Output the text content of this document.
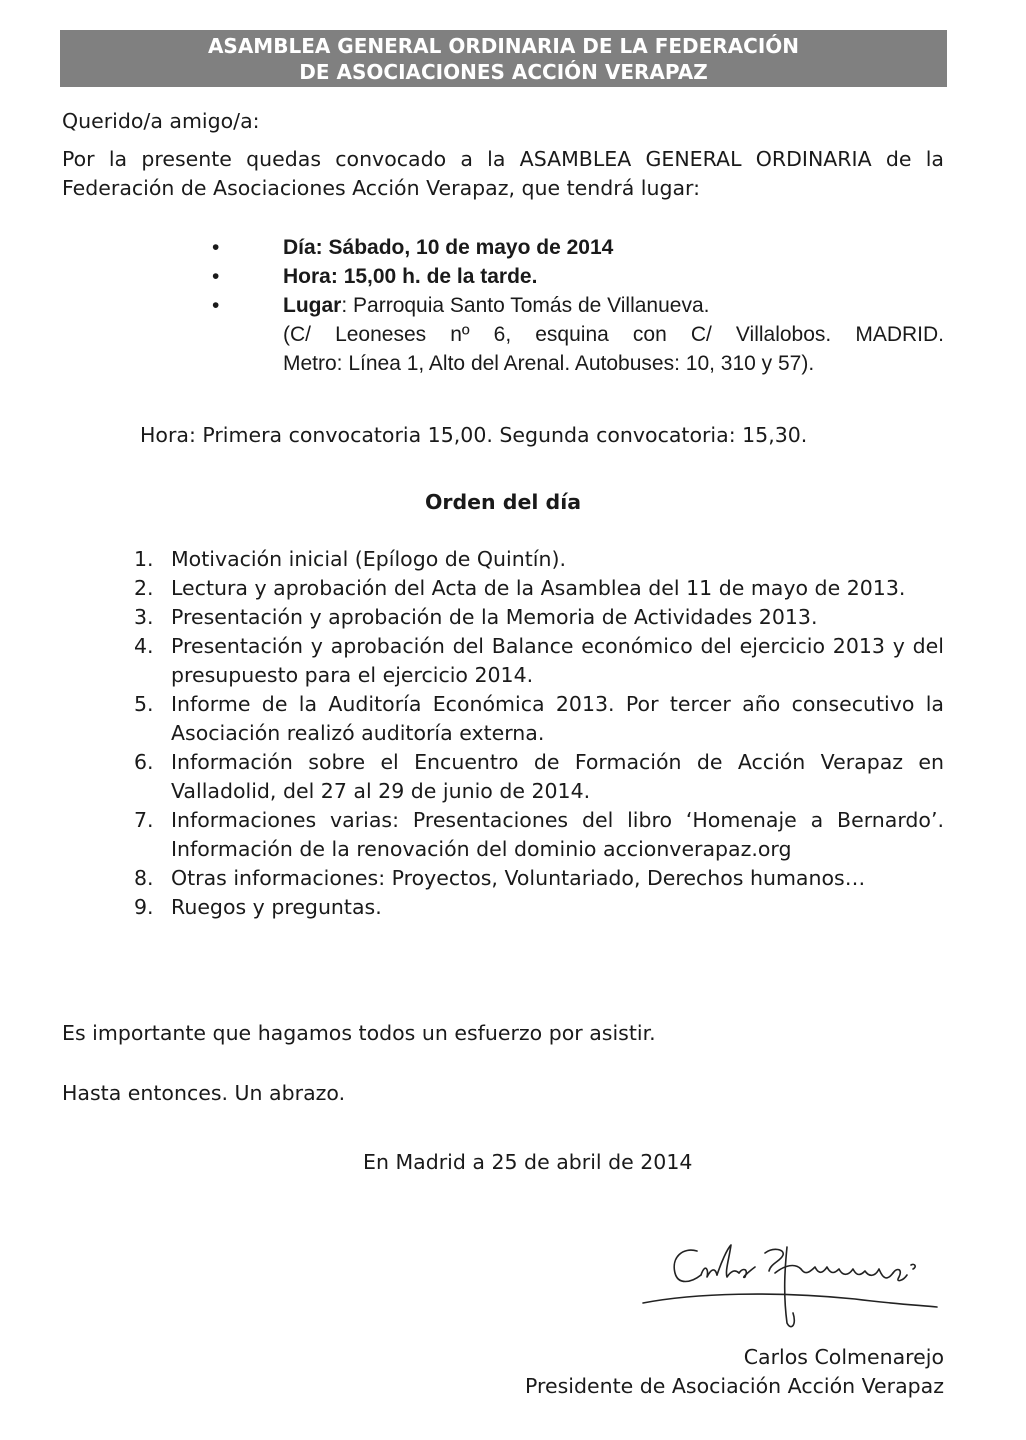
ASAMBLEA GENERAL ORDINARIA DE LA FEDERACIÓN
DE ASOCIACIONES ACCIÓN VERAPAZ
Querido/a amigo/a:
Por la presente quedas convocado a la ASAMBLEA GENERAL ORDINARIA de la Federación de Asociaciones Acción Verapaz, que tendrá lugar:
•	Día: Sábado, 10 de mayo de 2014
•	Hora: 15,00 h. de la tarde.
•	Lugar: Parroquia Santo Tomás de Villanueva.
(C/ Leoneses nº 6, esquina con C/ Villalobos. MADRID.
Metro: Línea 1, Alto del Arenal. Autobuses: 10, 310 y 57).
Hora: Primera convocatoria 15,00. Segunda convocatoria: 15,30.
Orden del día
1. Motivación inicial (Epílogo de Quintín).
2. Lectura y aprobación del Acta de la Asamblea del 11 de mayo de 2013.
3. Presentación y aprobación de la Memoria de Actividades 2013.
4. Presentación y aprobación del Balance económico del ejercicio 2013 y del presupuesto para el ejercicio 2014.
5. Informe de la Auditoría Económica 2013. Por tercer año consecutivo la Asociación realizó auditoría externa.
6. Información sobre el Encuentro de Formación de Acción Verapaz en Valladolid, del 27 al 29 de junio de 2014.
7. Informaciones varias: Presentaciones del libro ‘Homenaje a Bernardo’. Información de la renovación del dominio accionverapaz.org
8. Otras informaciones: Proyectos, Voluntariado, Derechos humanos…
9. Ruegos y preguntas.
Es importante que hagamos todos un esfuerzo por asistir.
Hasta entonces. Un abrazo.
En Madrid a 25 de abril de 2014
Carlos Colmenarejo
Presidente de Asociación Acción Verapaz
